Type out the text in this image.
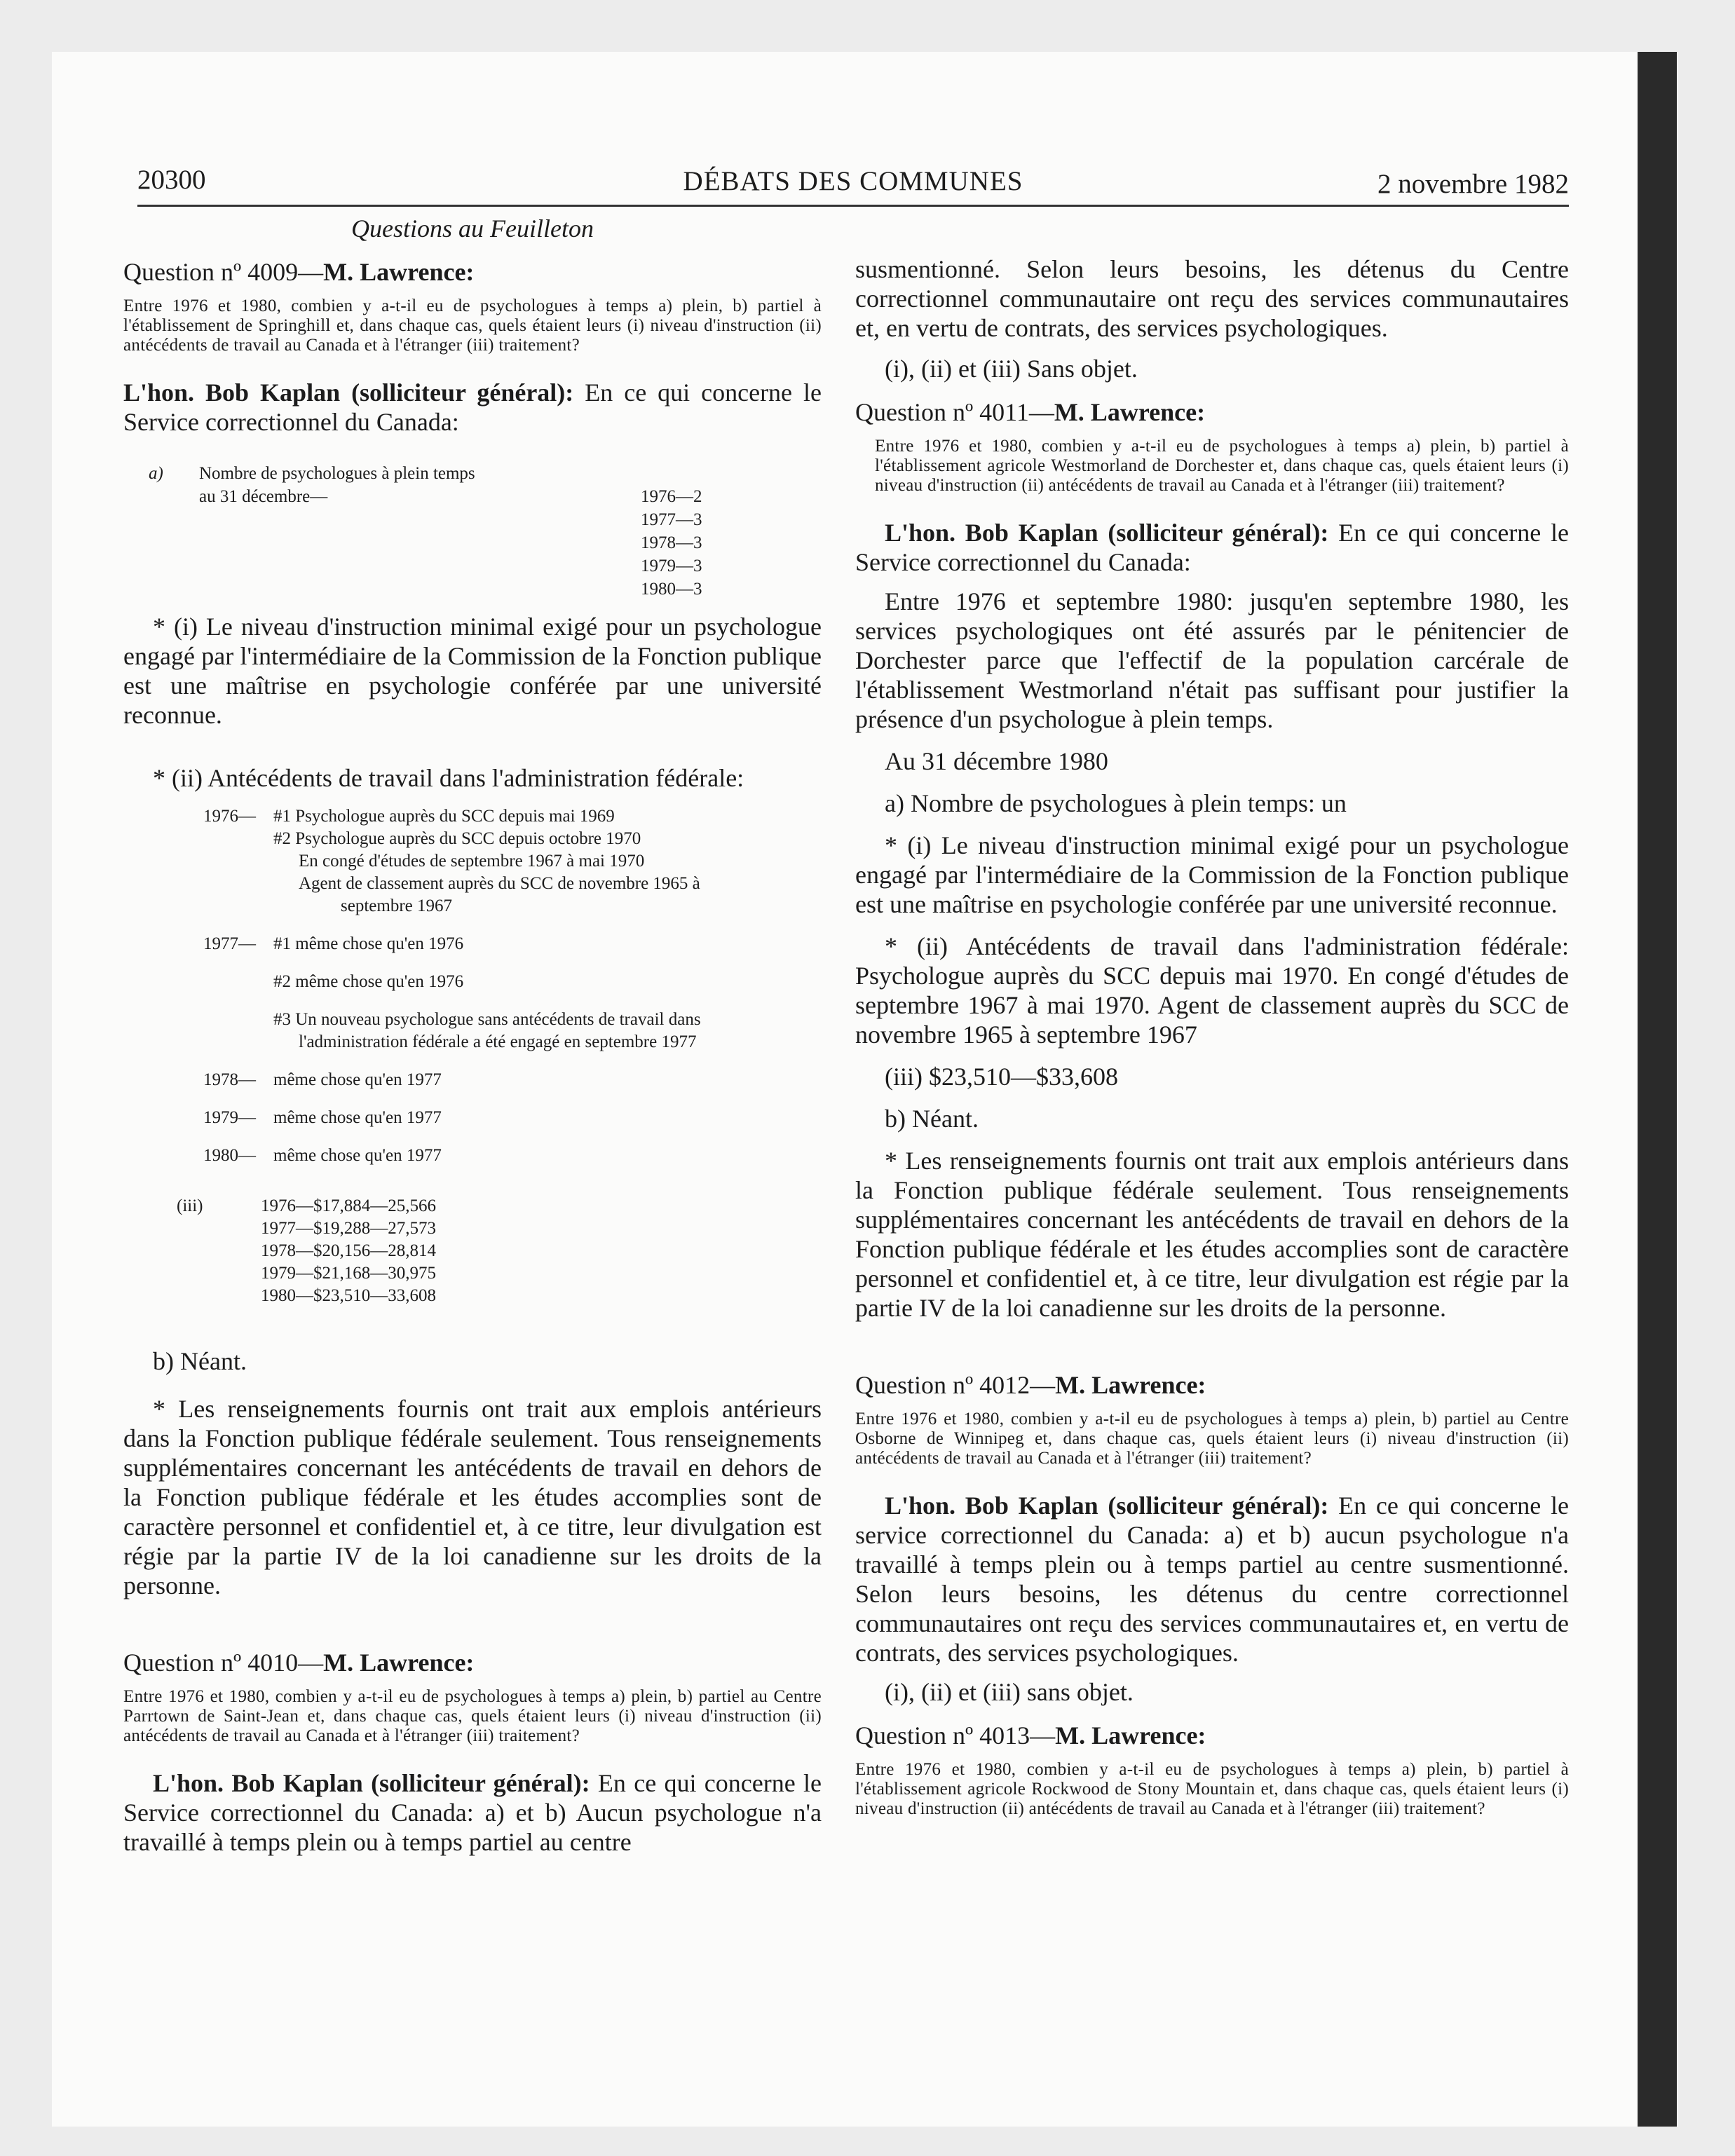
20300	DÉBATS DES COMMUNES	2 novembre 1982
Questions au Feuilleton
Question nº 4009—M. Lawrence:
Entre 1976 et 1980, combien y a-t-il eu de psychologues à temps a) plein, b) partiel à l'établissement de Springhill et, dans chaque cas, quels étaient leurs (i) niveau d'instruction (ii) antécédents de travail au Canada et à l'étranger (iii) traitement?
L'hon. Bob Kaplan (solliciteur général): En ce qui concerne le Service correctionnel du Canada:
a) Nombre de psychologues à plein temps
au 31 décembre—	1976—2
1977—3
1978—3
1979—3
1980—3
* (i) Le niveau d'instruction minimal exigé pour un psychologue engagé par l'intermédiaire de la Commission de la Fonction publique est une maîtrise en psychologie conférée par une université reconnue.
* (ii) Antécédents de travail dans l'administration fédérale:
1976— #1 Psychologue auprès du SCC depuis mai 1969
#2 Psychologue auprès du SCC depuis octobre 1970
En congé d'études de septembre 1967 à mai 1970
Agent de classement auprès du SCC de novembre 1965 à
septembre 1967
1977— #1 même chose qu'en 1976
#2 même chose qu'en 1976
#3 Un nouveau psychologue sans antécédents de travail dans
l'administration fédérale a été engagé en septembre 1977
1978— même chose qu'en 1977
1979— même chose qu'en 1977
1980— même chose qu'en 1977
(iii)	1976—$17,884—25,566
1977—$19,288—27,573
1978—$20,156—28,814
1979—$21,168—30,975
1980—$23,510—33,608
b) Néant.
* Les renseignements fournis ont trait aux emplois antérieurs dans la Fonction publique fédérale seulement. Tous renseignements supplémentaires concernant les antécédents de travail en dehors de la Fonction publique fédérale et les études accomplies sont de caractère personnel et confidentiel et, à ce titre, leur divulgation est régie par la partie IV de la loi canadienne sur les droits de la personne.
Question nº 4010—M. Lawrence:
Entre 1976 et 1980, combien y a-t-il eu de psychologues à temps a) plein, b) partiel au Centre Parrtown de Saint-Jean et, dans chaque cas, quels étaient leurs (i) niveau d'instruction (ii) antécédents de travail au Canada et à l'étranger (iii) traitement?
L'hon. Bob Kaplan (solliciteur général): En ce qui concerne le Service correctionnel du Canada: a) et b) Aucun psychologue n'a travaillé à temps plein ou à temps partiel au centre
susmentionné. Selon leurs besoins, les détenus du Centre correctionnel communautaire ont reçu des services communautaires et, en vertu de contrats, des services psychologiques.
(i), (ii) et (iii) Sans objet.
Question nº 4011—M. Lawrence:
Entre 1976 et 1980, combien y a-t-il eu de psychologues à temps a) plein, b) partiel à l'établissement agricole Westmorland de Dorchester et, dans chaque cas, quels étaient leurs (i) niveau d'instruction (ii) antécédents de travail au Canada et à l'étranger (iii) traitement?
L'hon. Bob Kaplan (solliciteur général): En ce qui concerne le Service correctionnel du Canada:
Entre 1976 et septembre 1980: jusqu'en septembre 1980, les services psychologiques ont été assurés par le pénitencier de Dorchester parce que l'effectif de la population carcérale de l'établissement Westmorland n'était pas suffisant pour justifier la présence d'un psychologue à plein temps.
Au 31 décembre 1980
a) Nombre de psychologues à plein temps: un
* (i) Le niveau d'instruction minimal exigé pour un psychologue engagé par l'intermédiaire de la Commission de la Fonction publique est une maîtrise en psychologie conférée par une université reconnue.
* (ii) Antécédents de travail dans l'administration fédérale: Psychologue auprès du SCC depuis mai 1970. En congé d'études de septembre 1967 à mai 1970. Agent de classement auprès du SCC de novembre 1965 à septembre 1967
(iii) $23,510—$33,608
b) Néant.
* Les renseignements fournis ont trait aux emplois antérieurs dans la Fonction publique fédérale seulement. Tous renseignements supplémentaires concernant les antécédents de travail en dehors de la Fonction publique fédérale et les études accomplies sont de caractère personnel et confidentiel et, à ce titre, leur divulgation est régie par la partie IV de la loi canadienne sur les droits de la personne.
Question nº 4012—M. Lawrence:
Entre 1976 et 1980, combien y a-t-il eu de psychologues à temps a) plein, b) partiel au Centre Osborne de Winnipeg et, dans chaque cas, quels étaient leurs (i) niveau d'instruction (ii) antécédents de travail au Canada et à l'étranger (iii) traitement?
L'hon. Bob Kaplan (solliciteur général): En ce qui concerne le service correctionnel du Canada: a) et b) aucun psychologue n'a travaillé à temps plein ou à temps partiel au centre susmentionné. Selon leurs besoins, les détenus du centre correctionnel communautaires ont reçu des services communautaires et, en vertu de contrats, des services psychologiques.
(i), (ii) et (iii) sans objet.
Question nº 4013—M. Lawrence:
Entre 1976 et 1980, combien y a-t-il eu de psychologues à temps a) plein, b) partiel à l'établissement agricole Rockwood de Stony Mountain et, dans chaque cas, quels étaient leurs (i) niveau d'instruction (ii) antécédents de travail au Canada et à l'étranger (iii) traitement?
